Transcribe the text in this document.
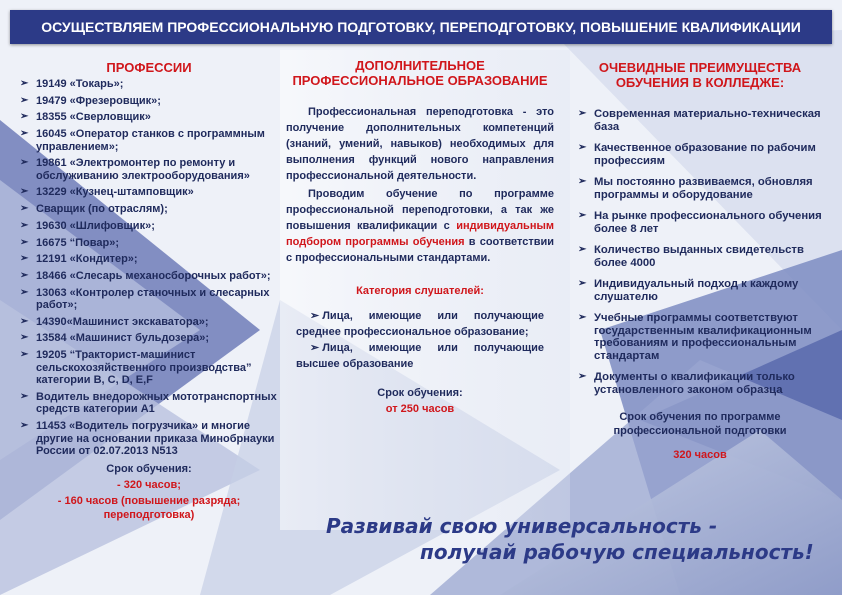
ОСУЩЕСТВЛЯЕМ ПРОФЕССИОНАЛЬНУЮ ПОДГОТОВКУ, ПЕРЕПОДГОТОВКУ, ПОВЫШЕНИЕ КВАЛИФИКАЦИИ
ПРОФЕССИИ
➢ 19149 «Токарь»;
➢ 19479 «Фрезеровщик»;
➢ 18355 «Сверловщик»
➢ 16045 «Оператор станков с программным управлением»;
➢ 19861 «Электромонтер по ремонту и обслуживанию электрооборудования»
➢ 13229 «Кузнец-штамповщик»
➢ Сварщик (по отраслям);
➢ 19630 «Шлифовщик»;
➢ 16675 “Повар»;
➢ 12191 «Кондитер»;
➢ 18466 «Слесарь механосборочных работ»;
➢ 13063 «Контролер станочных и слесарных работ»;
➢ 14390«Машинист экскаватора»;
➢ 13584 «Машинист бульдозера»;
➢ 19205 “Тракторист-машинист сельскохозяйственного производства” категории B, C, D, E,F
➢ Водитель внедорожных мототранспортных средств категории A1
➢ 11453 «Водитель погрузчика» и многие другие на основании приказа Минобрнауки России от 02.07.2013 N513
Срок обучения:
- 320 часов;
- 160 часов (повышение разряда; переподготовка)
ДОПОЛНИТЕЛЬНОЕ
ПРОФЕССИОНАЛЬНОЕ ОБРАЗОВАНИЕ

Профессиональная переподготовка - это получение дополнительных компетенций (знаний, умений, навыков) необходимых для выполнения функций нового направления профессиональной деятельности.

Проводим обучение по программе профессиональной переподготовки, а так же повышения квалификации с индивидуальным подбором программы обучения в соответствии с профессиональными стандартами.

Категория слушателей:

➢ Лица, имеющие или получающие среднее профессиональное образование;

➢ Лица, имеющие или получающие высшее образование

Срок обучения:
от 250 часов
ОЧЕВИДНЫЕ ПРЕИМУЩЕСТВА
ОБУЧЕНИЯ В КОЛЛЕДЖЕ:
➢ Современная материально-техническая база
➢ Качественное образование по рабочим профессиям
➢ Мы постоянно развиваемся, обновляя программы и оборудование
➢ На рынке профессионального обучения более 8 лет
➢ Количество выданных свидетельств более 4000
➢ Индивидуальный подход к каждому слушателю
➢ Учебные программы соответствуют государственным квалификационным требованиям и профессиональным стандартам
➢ Документы о квалификации только установленного законом образца
Срок обучения по программе
профессиональной подготовки
320 часов
Развивай свою универсальность -
получай рабочую специальность!
